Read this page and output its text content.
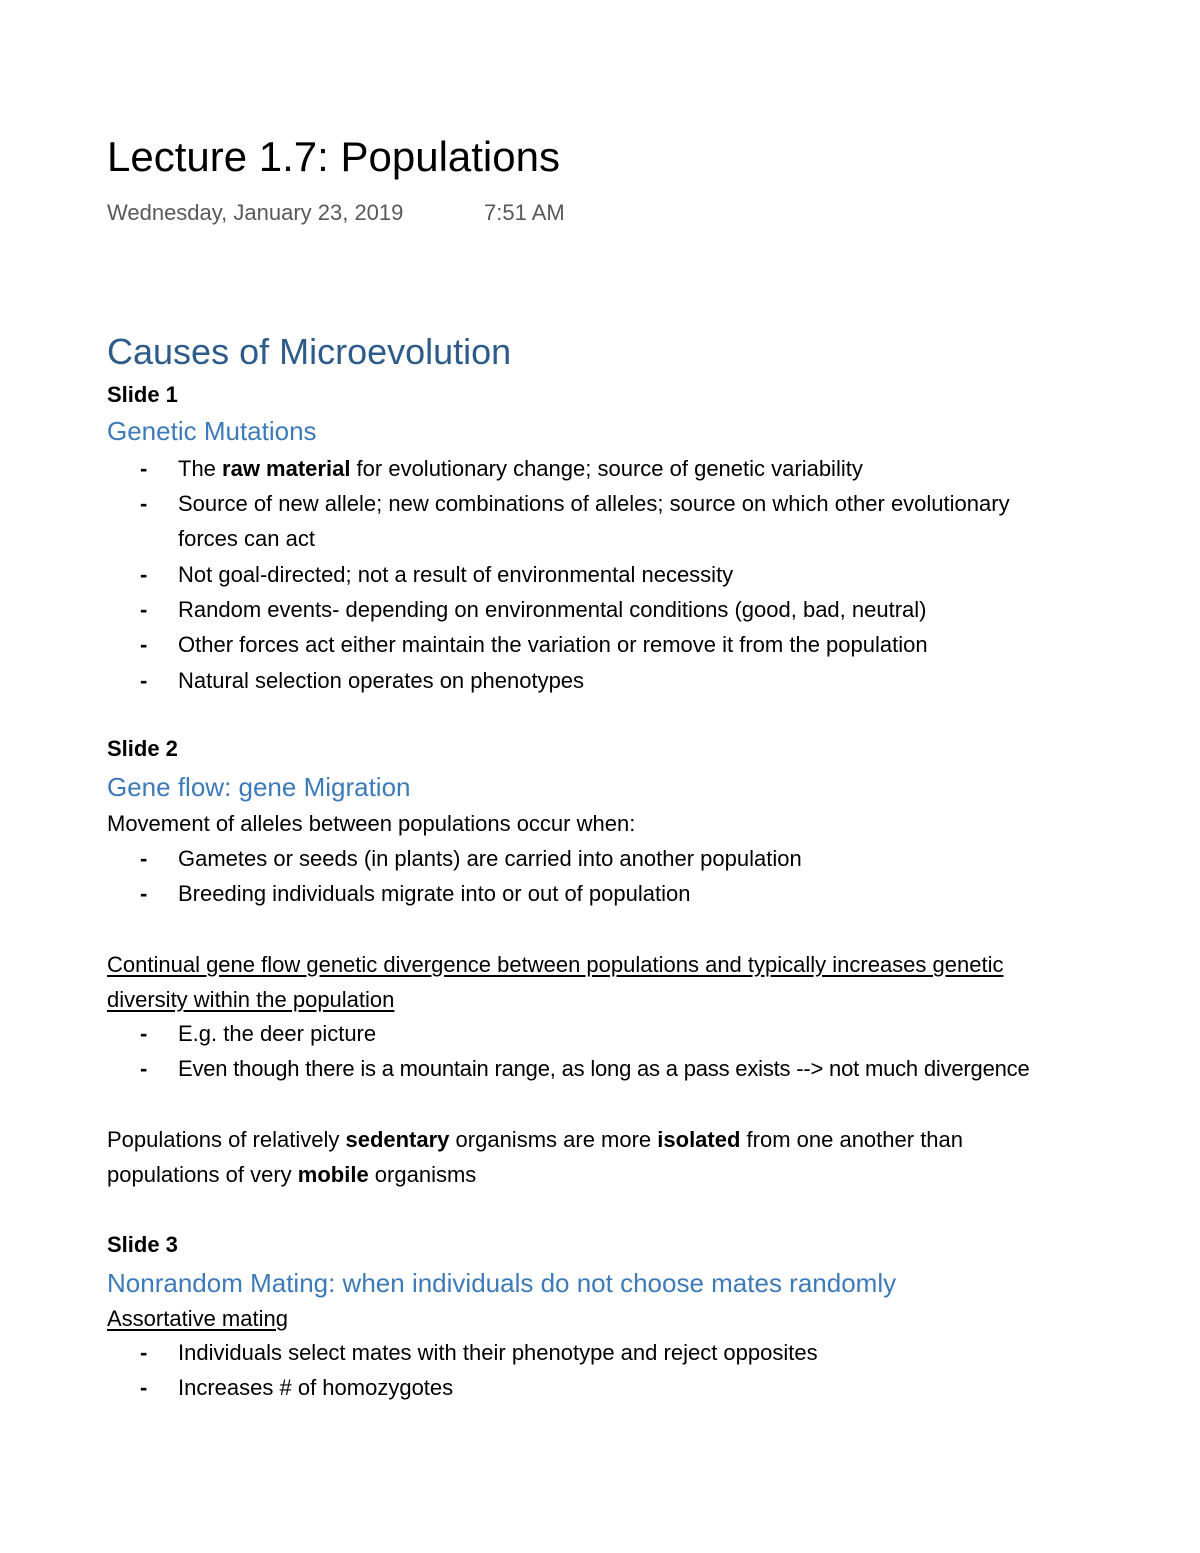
Lecture 1.7: Populations
Wednesday, January 23, 2019	7:51 AM
Causes of Microevolution
Slide 1
Genetic Mutations
- The raw material for evolutionary change; source of genetic variability
- Source of new allele; new combinations of alleles; source on which other evolutionary
forces can act
- Not goal-directed; not a result of environmental necessity
- Random events- depending on environmental conditions (good, bad, neutral)
- Other forces act either maintain the variation or remove it from the population
- Natural selection operates on phenotypes
Slide 2
Gene flow: gene Migration
Movement of alleles between populations occur when:
- Gametes or seeds (in plants) are carried into another population
- Breeding individuals migrate into or out of population
Continual gene flow genetic divergence between populations and typically increases genetic
diversity within the population
- E.g. the deer picture
- Even though there is a mountain range, as long as a pass exists --> not much divergence
Populations of relatively sedentary organisms are more isolated from one another than
populations of very mobile organisms
Slide 3
Nonrandom Mating: when individuals do not choose mates randomly
Assortative mating
- Individuals select mates with their phenotype and reject opposites
- Increases # of homozygotes
